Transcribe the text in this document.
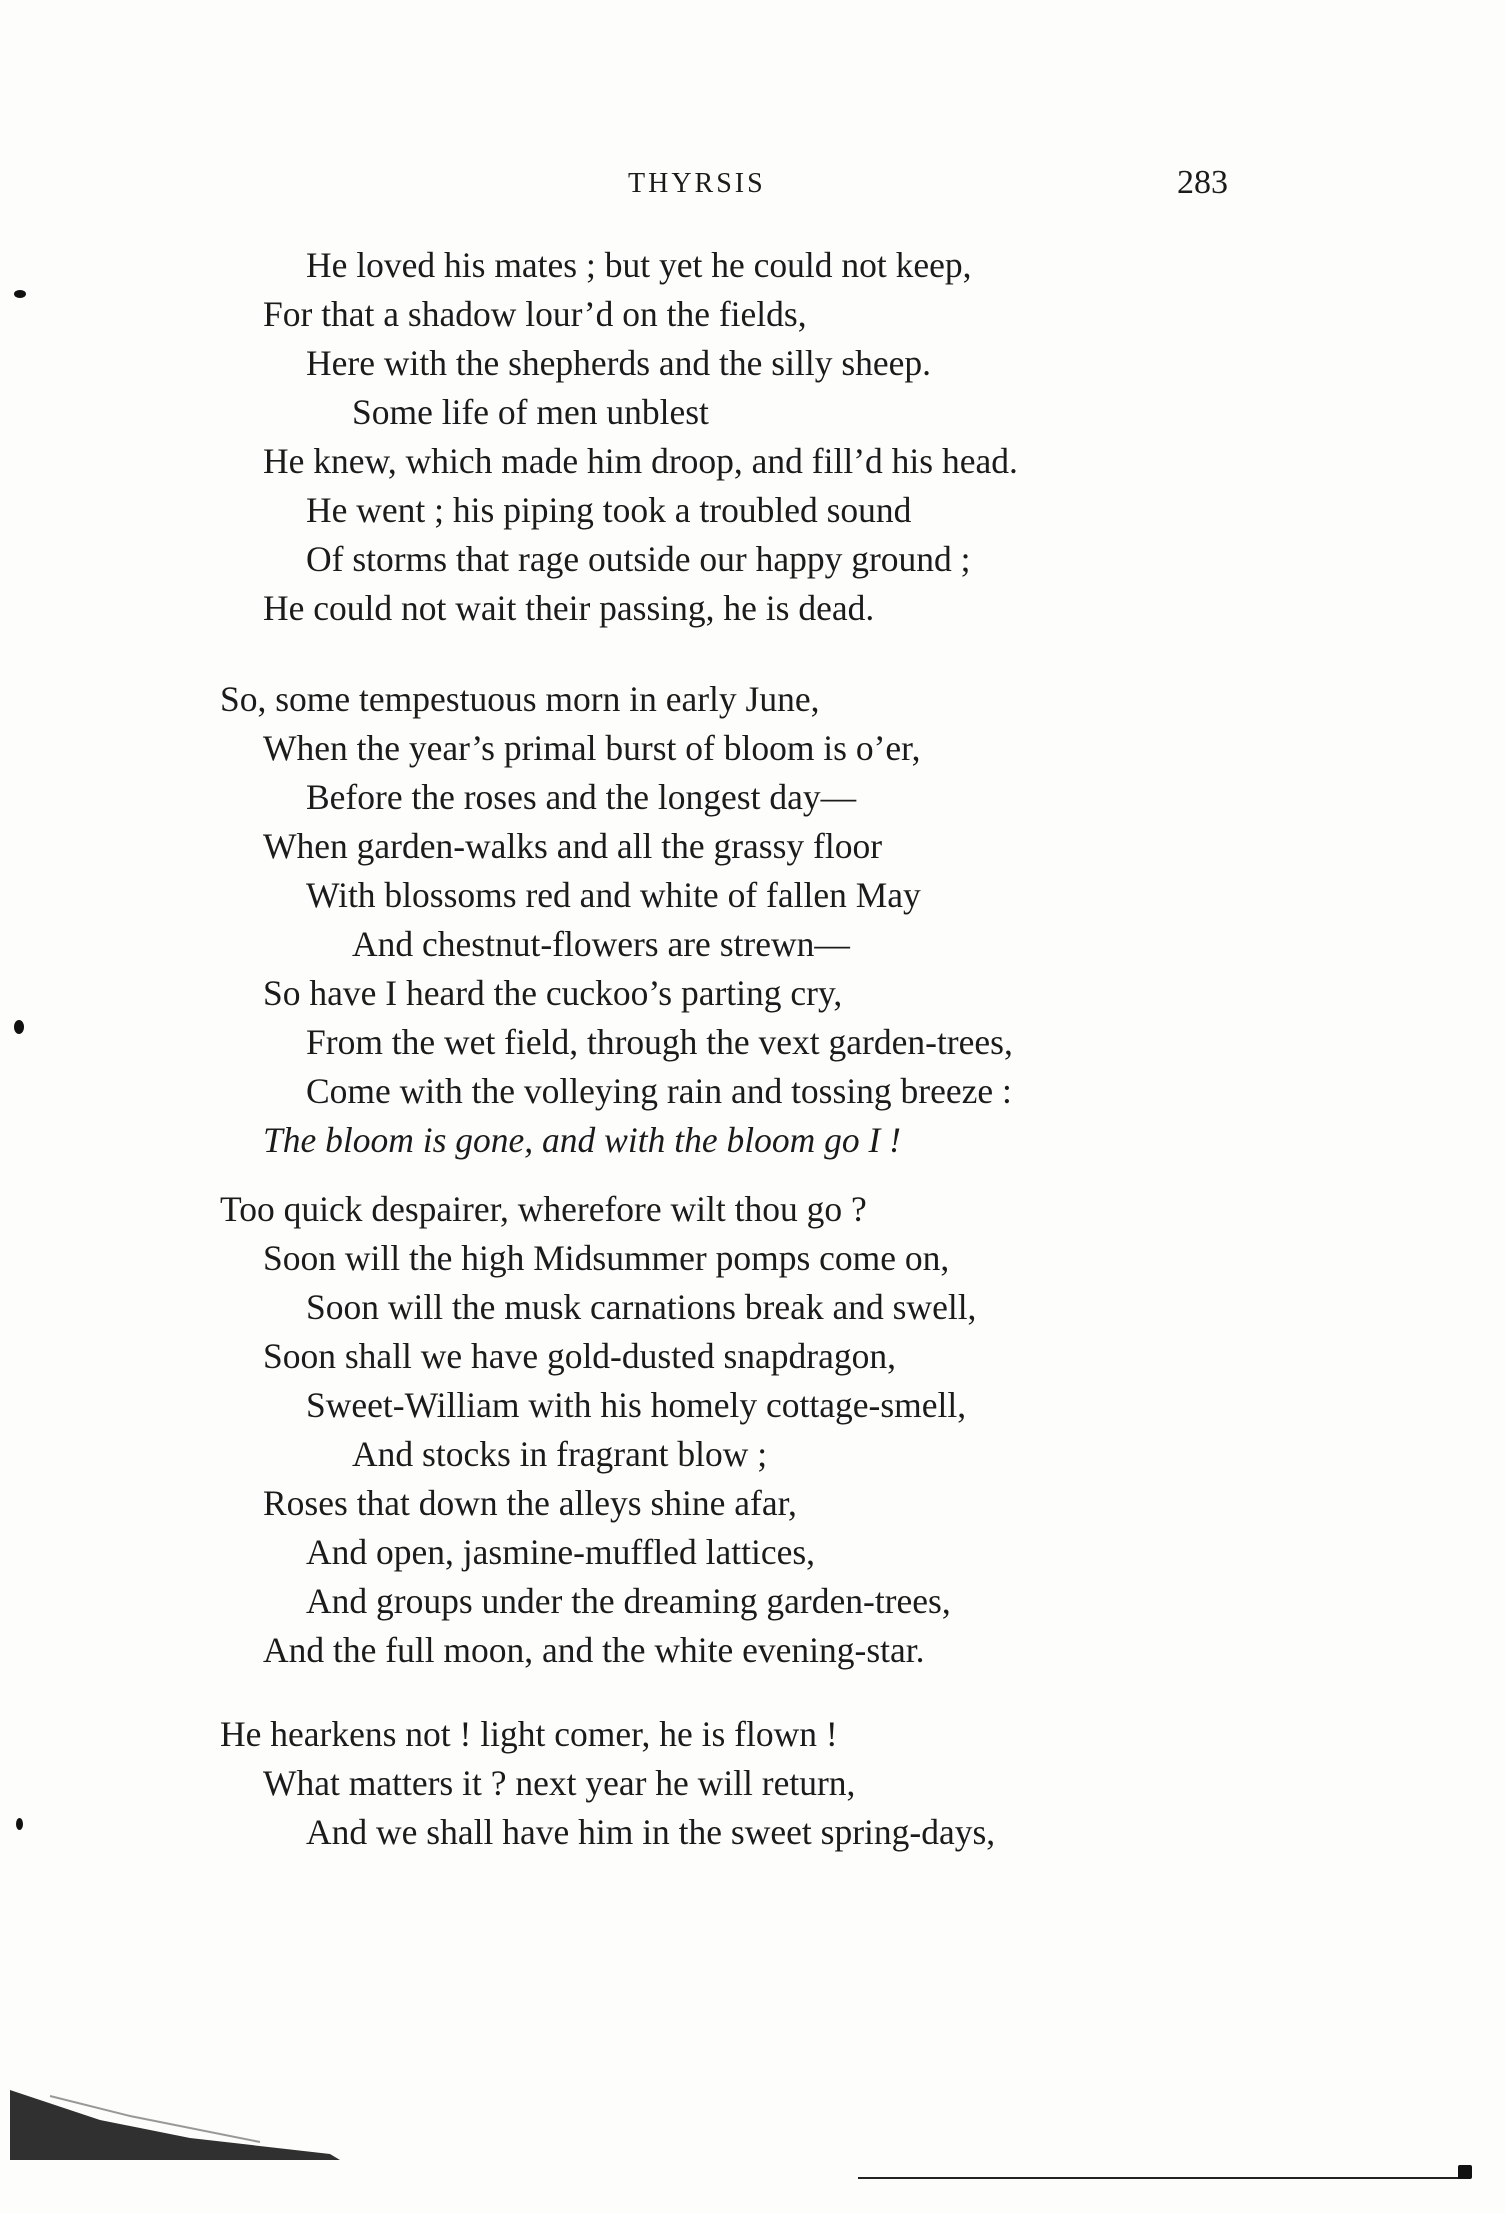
THYRSIS	283
He loved his mates ; but yet he could not keep,
For that a shadow lour’d on the fields,
Here with the shepherds and the silly sheep.
Some life of men unblest
He knew, which made him droop, and fill’d his head.
He went ; his piping took a troubled sound
Of storms that rage outside our happy ground ;
He could not wait their passing, he is dead.
So, some tempestuous morn in early June,
When the year’s primal burst of bloom is o’er,
Before the roses and the longest day—
When garden-walks and all the grassy floor
With blossoms red and white of fallen May
And chestnut-flowers are strewn—
So have I heard the cuckoo’s parting cry,
From the wet field, through the vext garden-trees,
Come with the volleying rain and tossing breeze :
The bloom is gone, and with the bloom go I !
Too quick despairer, wherefore wilt thou go ?
Soon will the high Midsummer pomps come on,
Soon will the musk carnations break and swell,
Soon shall we have gold-dusted snapdragon,
Sweet-William with his homely cottage-smell,
And stocks in fragrant blow ;
Roses that down the alleys shine afar,
And open, jasmine-muffled lattices,
And groups under the dreaming garden-trees,
And the full moon, and the white evening-star.
He hearkens not ! light comer, he is flown !
What matters it ? next year he will return,
And we shall have him in the sweet spring-days,
